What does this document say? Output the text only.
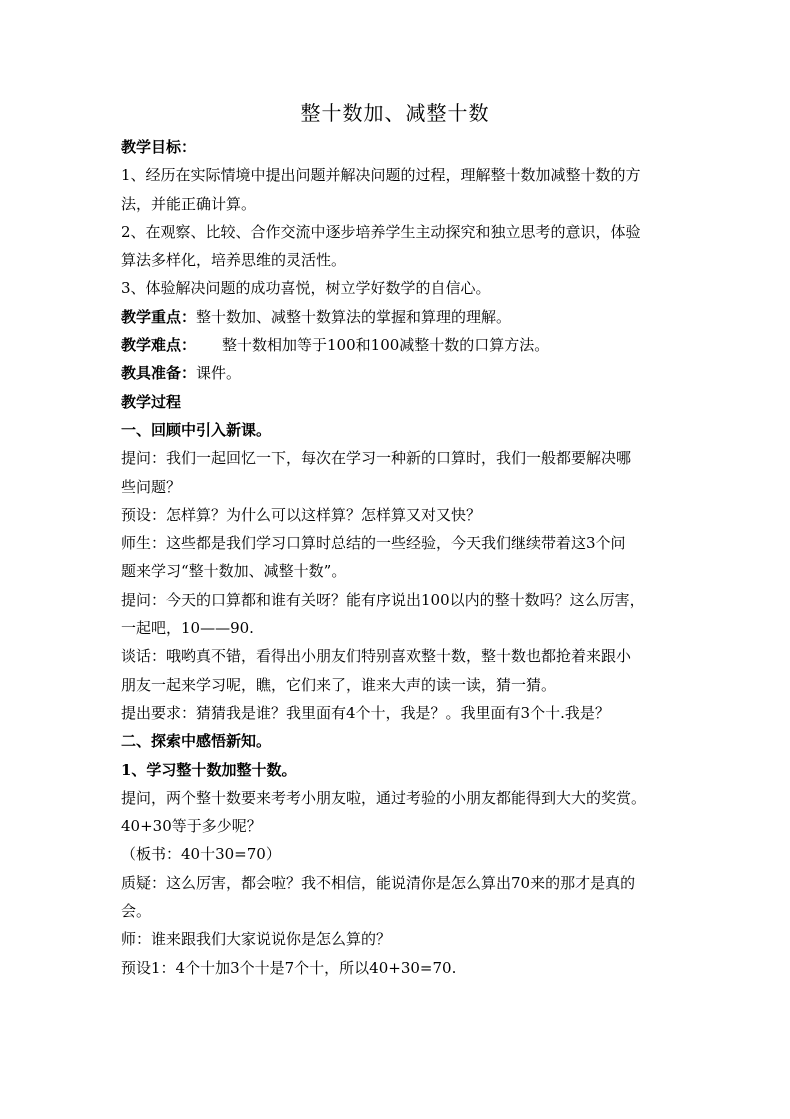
整十数加、减整十数
教学目标：
1、经历在实际情境中提出问题并解决问题的过程，理解整十数加减整十数的方
法，并能正确计算。
2、在观察、比较、合作交流中逐步培养学生主动探究和独立思考的意识，体验
算法多样化，培养思维的灵活性。
3、体验解决问题的成功喜悦，树立学好数学的自信心。
教学重点：整十数加、减整十数算法的掌握和算理的理解。
教学难点： 整十数相加等于100和100减整十数的口算方法。
教具准备：课件。
教学过程
一、回顾中引入新课。
提问：我们一起回忆一下，每次在学习一种新的口算时，我们一般都要解决哪
些问题？
预设：怎样算？为什么可以这样算？怎样算又对又快？
师生：这些都是我们学习口算时总结的一些经验，今天我们继续带着这3个问
题来学习“整十数加、减整十数”。
提问：今天的口算都和谁有关呀？能有序说出100以内的整十数吗？这么厉害，
一起吧，10——90.
谈话：哦哟真不错，看得出小朋友们特别喜欢整十数，整十数也都抢着来跟小
朋友一起来学习呢，瞧，它们来了，谁来大声的读一读，猜一猜。
提出要求：猜猜我是谁？我里面有4个十，我是？。我里面有3个十.我是？
二、探索中感悟新知。
1、学习整十数加整十数。
提问，两个整十数要来考考小朋友啦，通过考验的小朋友都能得到大大的奖赏。
40+30等于多少呢？
（板书：40十30=70）
质疑：这么厉害，都会啦？我不相信，能说清你是怎么算出70来的那才是真的
会。
师：谁来跟我们大家说说你是怎么算的？
预设1：4个十加3个十是7个十，所以40+30=70.
